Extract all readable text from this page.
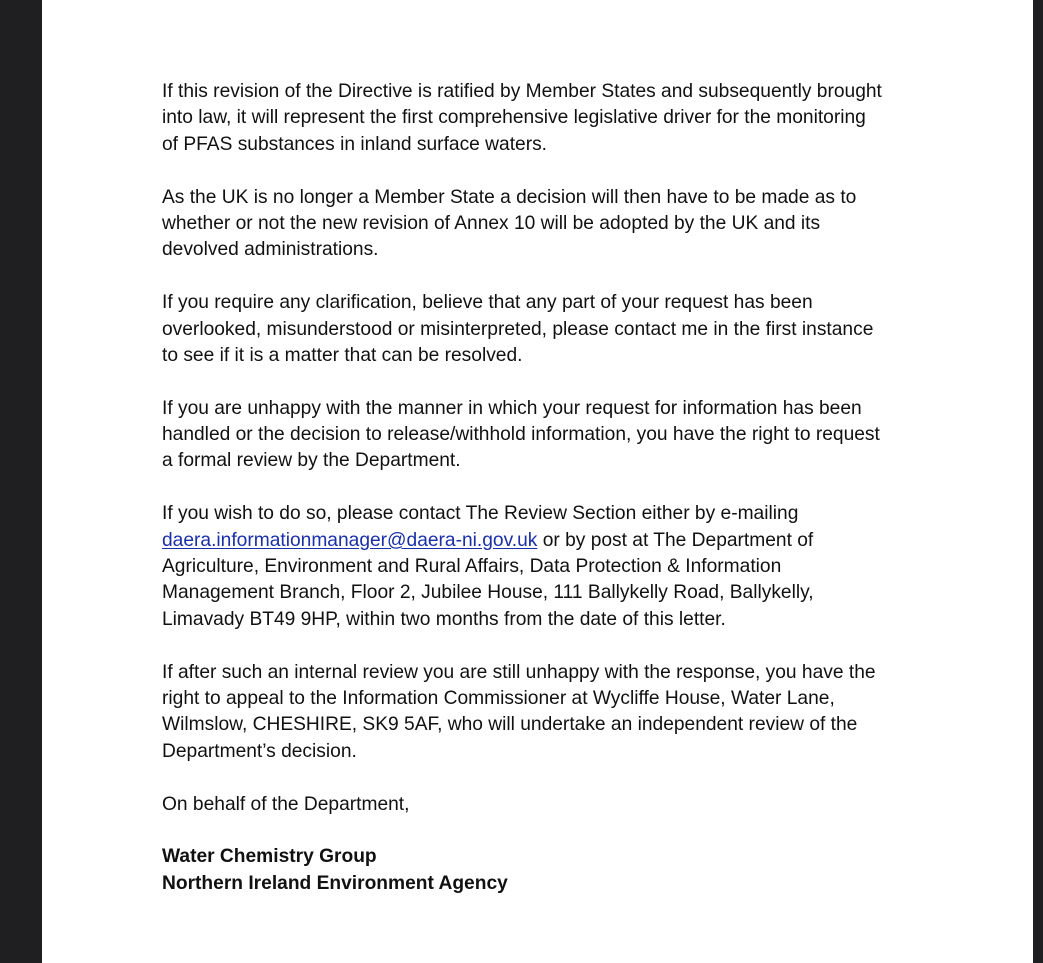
If this revision of the Directive is ratified by Member States and subsequently brought
into law, it will represent the first comprehensive legislative driver for the monitoring
of PFAS substances in inland surface waters.
As the UK is no longer a Member State a decision will then have to be made as to
whether or not the new revision of Annex 10 will be adopted by the UK and its
devolved administrations.
If you require any clarification, believe that any part of your request has been
overlooked, misunderstood or misinterpreted, please contact me in the first instance
to see if it is a matter that can be resolved.
If you are unhappy with the manner in which your request for information has been
handled or the decision to release/withhold information, you have the right to request
a formal review by the Department.
If you wish to do so, please contact The Review Section either by e-mailing
daera.informationmanager@daera-ni.gov.uk or by post at The Department of
Agriculture, Environment and Rural Affairs, Data Protection & Information
Management Branch, Floor 2, Jubilee House, 111 Ballykelly Road, Ballykelly,
Limavady BT49 9HP, within two months from the date of this letter.
If after such an internal review you are still unhappy with the response, you have the
right to appeal to the Information Commissioner at Wycliffe House, Water Lane,
Wilmslow, CHESHIRE, SK9 5AF, who will undertake an independent review of the
Department’s decision.
On behalf of the Department,
Water Chemistry Group
Northern Ireland Environment Agency
